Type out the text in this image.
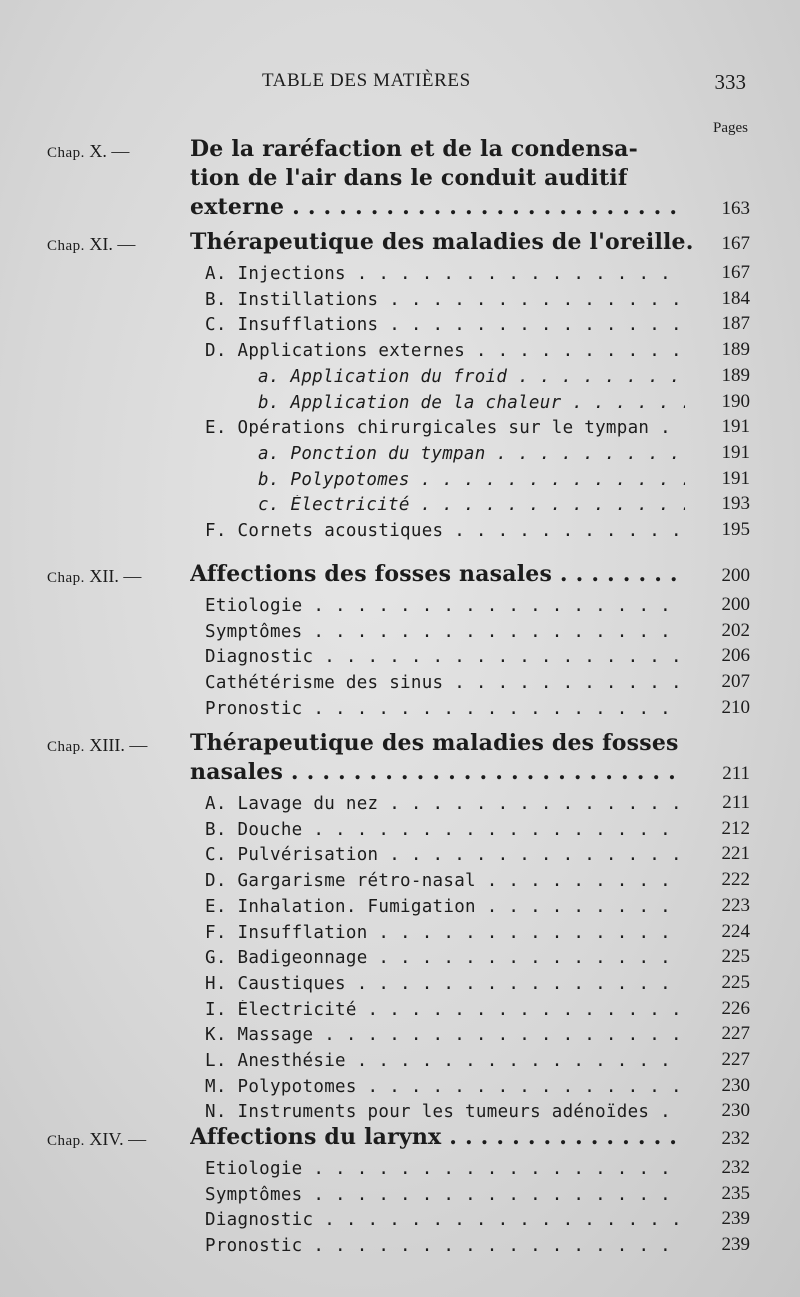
TABLE DES MATIÈRES	333
Pages
Chap. X. —	De la raréfaction et de la condensa-
tion de l'air dans le conduit auditif
externe . . .	163
Chap. XI. — Thérapeutique des maladies de l'oreille. 167
A. Injections . . .	167
B. Instillations . . .	184
C. Insufflations . . .	187
D. Applications externes . . .	189
a. Application du froid . . .	189
b. Application de la chaleur . . .	190
E. Opérations chirurgicales sur le tympan . . .	191
a. Ponction du tympan . . .	191
b. Polypotomes . . .	191
c. Électricité . . .	193
F. Cornets acoustiques . . .	195
Chap. XII. — Affections des fosses nasales . . .	200
Etiologie . . .	200
Symptômes . . .	202
Diagnostic . . .	206
Cathétérisme des sinus . . .	207
Pronostic . . .	210
Chap. XIII. — Thérapeutique des maladies des fosses
nasales . . .	211
A. Lavage du nez . . .	211
B. Douche . . .	212
C. Pulvérisation . . .	221
D. Gargarisme rétro-nasal . . .	222
E. Inhalation. Fumigation . . .	223
F. Insufflation . . .	224
G. Badigeonnage . . .	225
H. Caustiques . . .	225
I. Électricité . . .	226
K. Massage . . .	227
L. Anesthésie . . .	227
M. Polypotomes . . .	230
N. Instruments pour les tumeurs adénoïdes . . .	230
Chap. XIV. — Affections du larynx . . .	232
Etiologie . . .	232
Symptômes . . .	235
Diagnostic . . .	239
Pronostic . . .	239
